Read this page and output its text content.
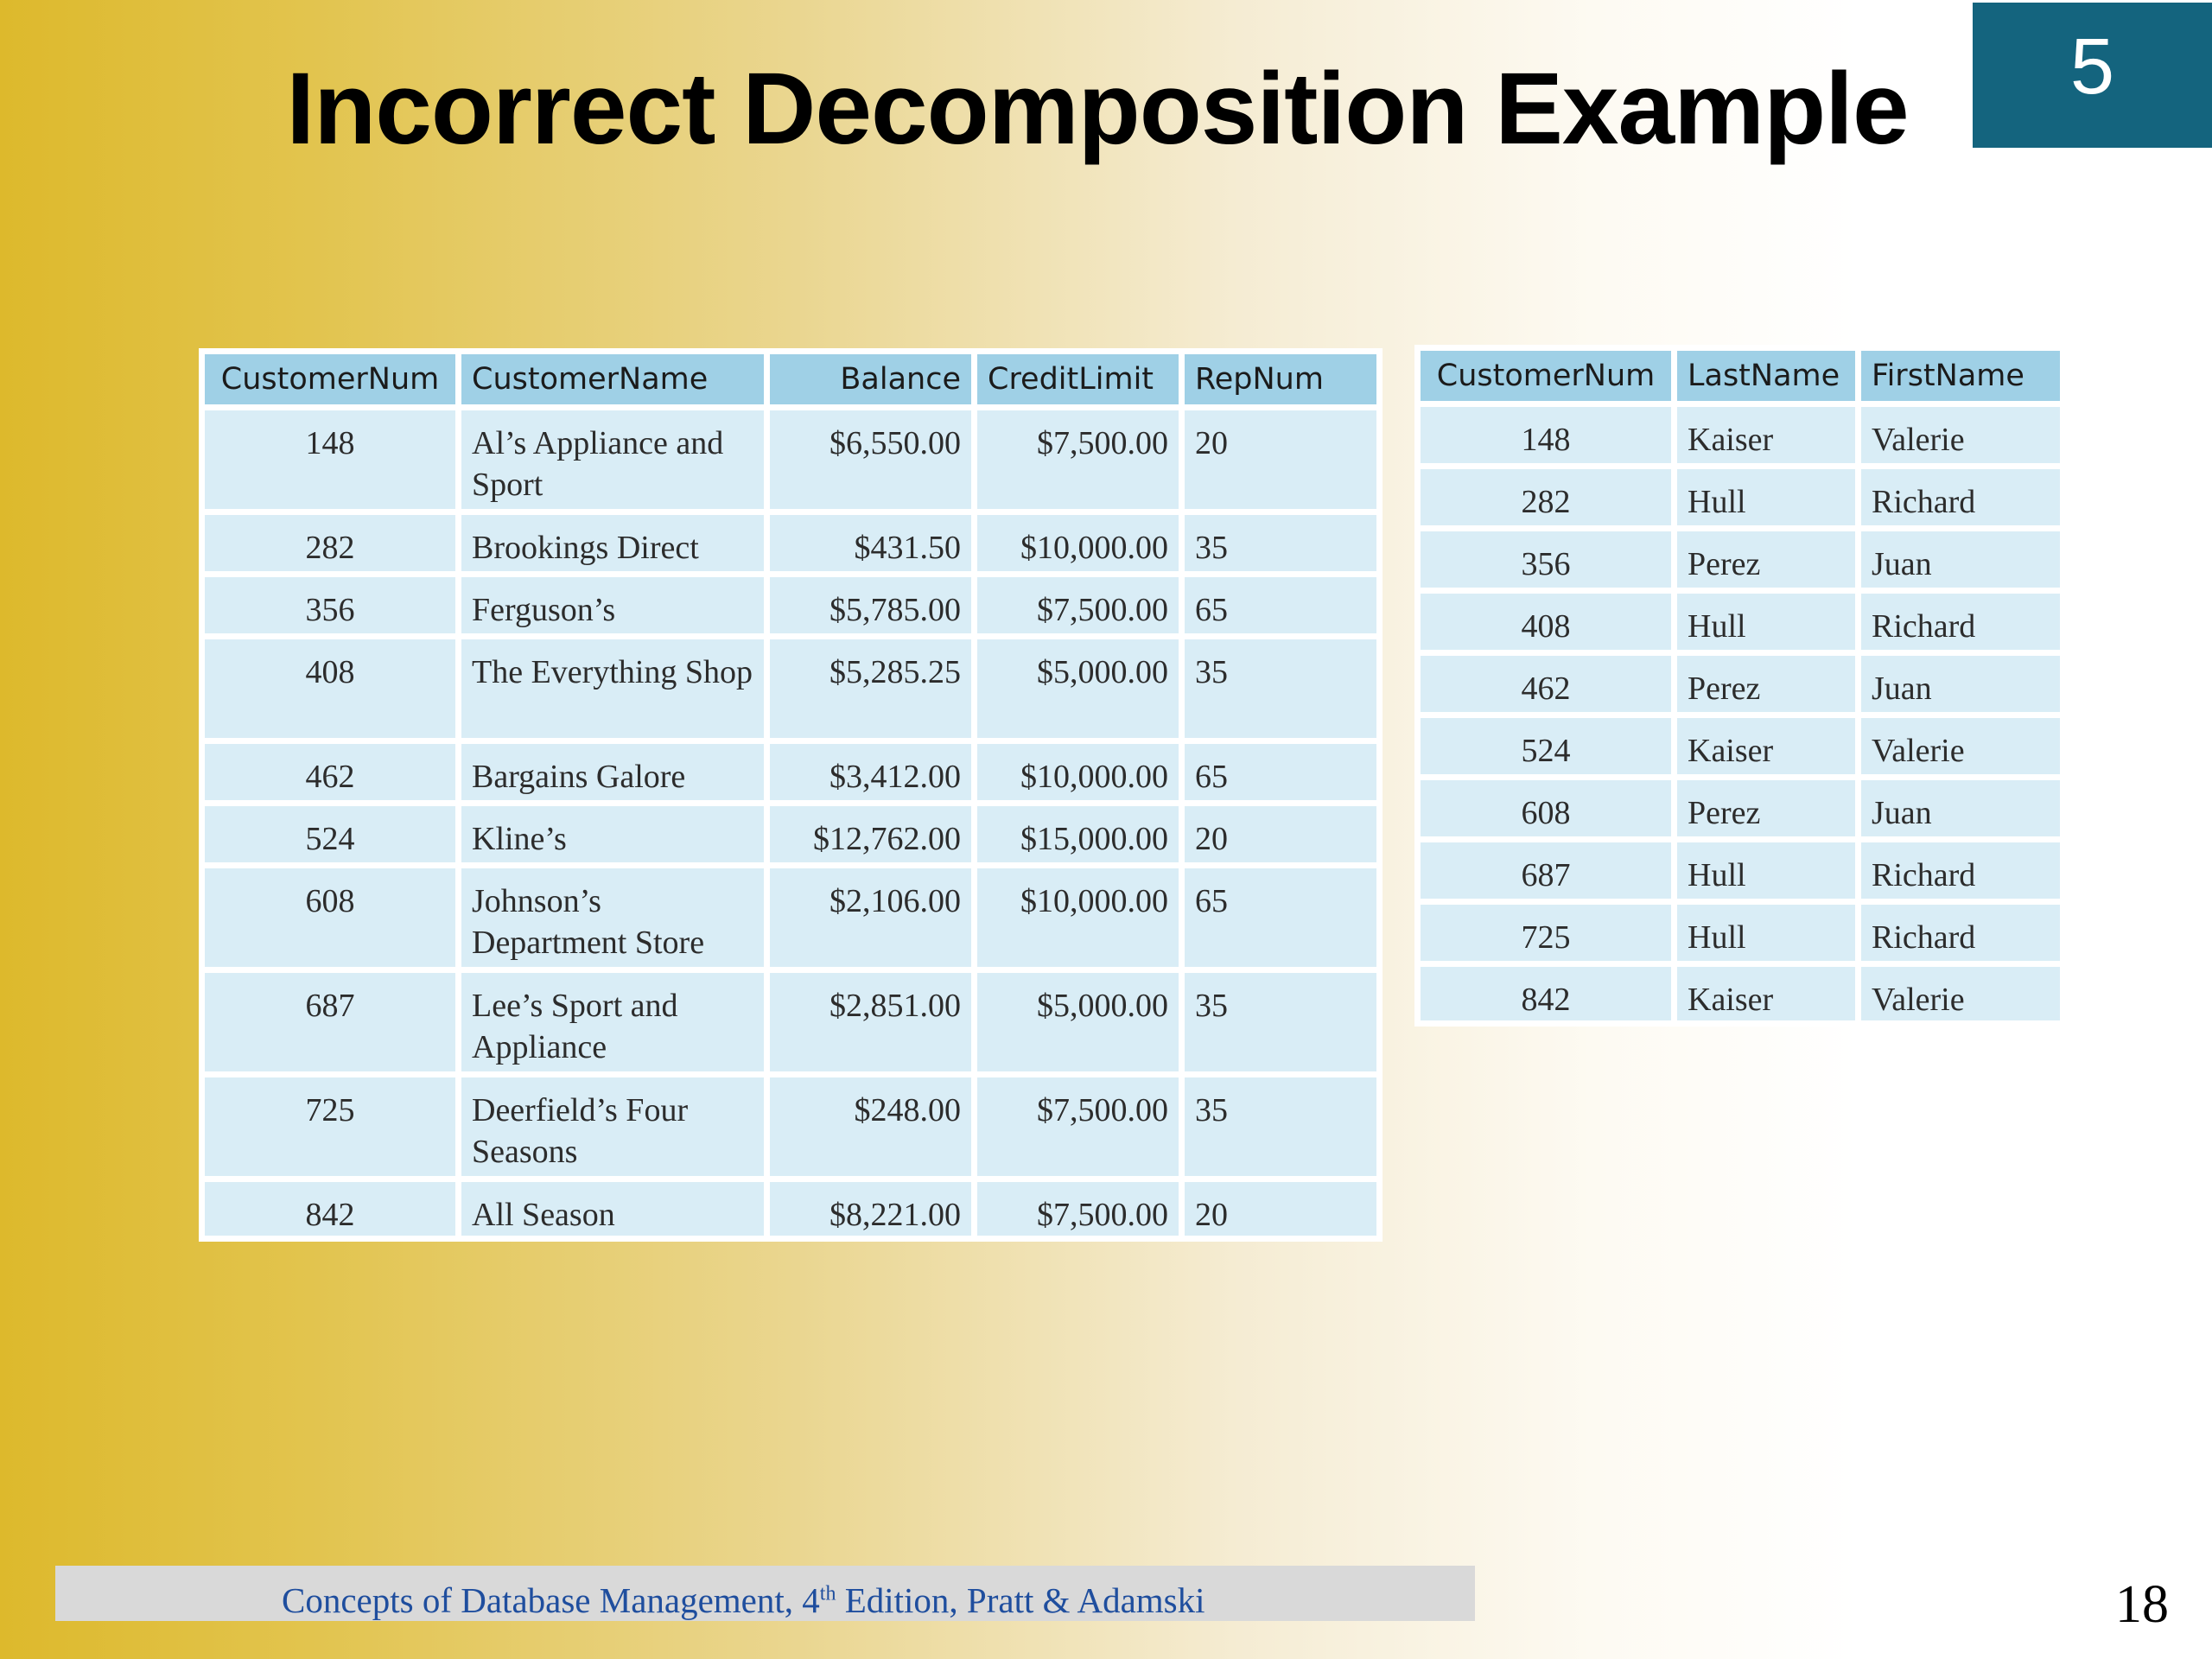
5
Incorrect Decomposition Example
CustomerNum	CustomerName	Balance	CreditLimit	RepNum
148	Al’s Appliance and Sport	$6,550.00	$7,500.00	20
282	Brookings Direct	$431.50	$10,000.00	35
356	Ferguson’s	$5,785.00	$7,500.00	65
408	The Everything Shop	$5,285.25	$5,000.00	35
462	Bargains Galore	$3,412.00	$10,000.00	65
524	Kline’s	$12,762.00	$15,000.00	20
608	Johnson’s Department Store	$2,106.00	$10,000.00	65
687	Lee’s Sport and Appliance	$2,851.00	$5,000.00	35
725	Deerfield’s Four Seasons	$248.00	$7,500.00	35
842	All Season	$8,221.00	$7,500.00	20
CustomerNum	LastName	FirstName
148	Kaiser	Valerie
282	Hull	Richard
356	Perez	Juan
408	Hull	Richard
462	Perez	Juan
524	Kaiser	Valerie
608	Perez	Juan
687	Hull	Richard
725	Hull	Richard
842	Kaiser	Valerie
Concepts of Database Management, 4th Edition, Pratt & Adamski	18
